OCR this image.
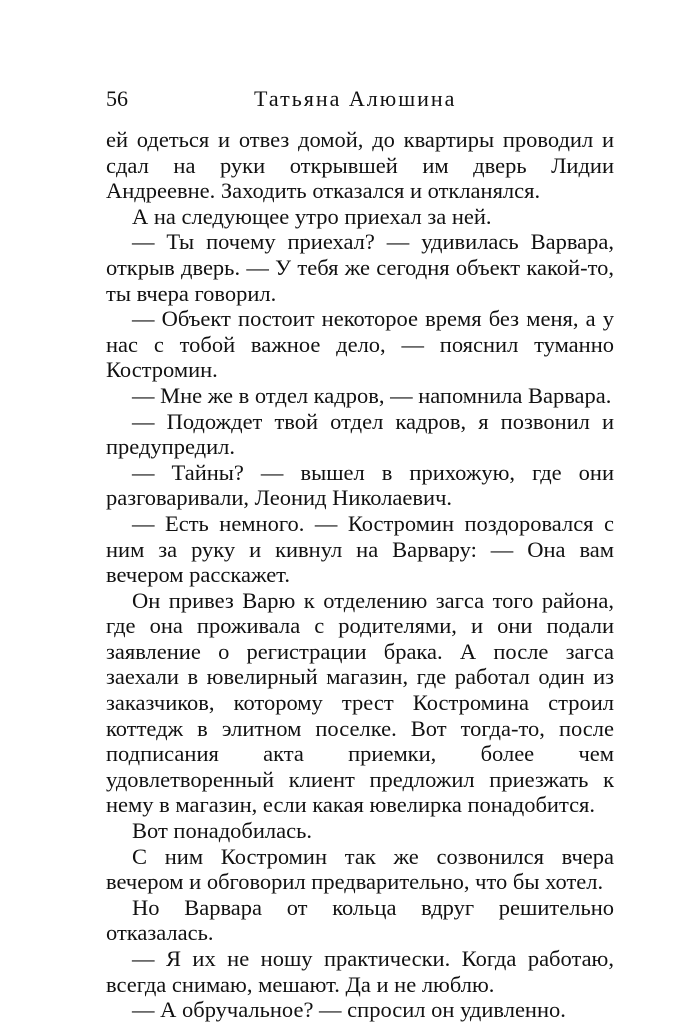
56	Татьяна Алюшина

ей одеться и отвез домой, до квартиры проводил и сдал на руки открывшей им дверь Лидии Андреевне. Заходить отказался и откланялся.

А на следующее утро приехал за ней.

— Ты почему приехал? — удивилась Варвара, открыв дверь. — У тебя же сегодня объект какой-то, ты вчера говорил.

— Объект постоит некоторое время без меня, а у нас с тобой важное дело, — пояснил туманно Костромин.

— Мне же в отдел кадров, — напомнила Варвара.

— Подождет твой отдел кадров, я позвонил и предупредил.

— Тайны? — вышел в прихожую, где они разговаривали, Леонид Николаевич.

— Есть немного. — Костромин поздоровался с ним за руку и кивнул на Варвару: — Она вам вечером расскажет.

Он привез Варю к отделению загса того района, где она проживала с родителями, и они подали заявление о регистрации брака. А после загса заехали в ювелирный магазин, где работал один из заказчиков, которому трест Костромина строил коттедж в элитном поселке. Вот тогда-то, после подписания акта приемки, более чем удовлетворенный клиент предложил приезжать к нему в магазин, если какая ювелирка понадобится.

Вот понадобилась.

С ним Костромин так же созвонился вчера вечером и обговорил предварительно, что бы хотел.

Но Варвара от кольца вдруг решительно отказалась.

— Я их не ношу практически. Когда работаю, всегда снимаю, мешают. Да и не люблю.

— А обручальное? — спросил он удивленно.
